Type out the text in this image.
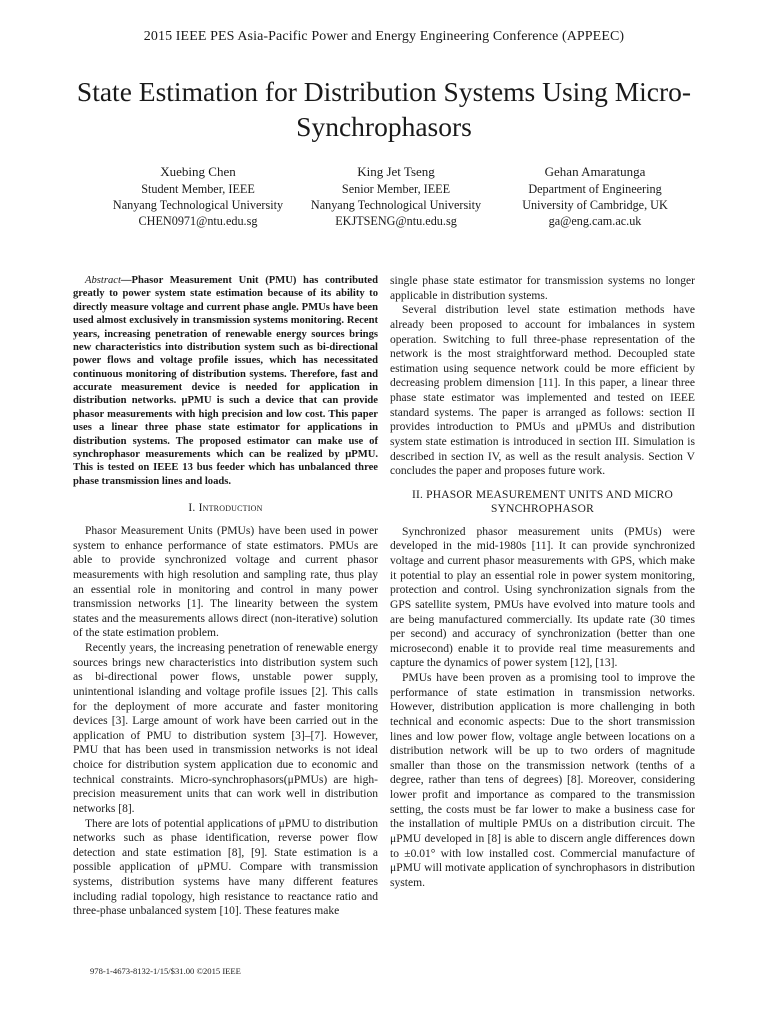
2015 IEEE PES Asia-Pacific Power and Energy Engineering Conference (APPEEC)
State Estimation for Distribution Systems Using Micro-Synchrophasors
Xuebing Chen
Student Member, IEEE
Nanyang Technological University
CHEN0971@ntu.edu.sg
King Jet Tseng
Senior Member, IEEE
Nanyang Technological University
EKJTSENG@ntu.edu.sg
Gehan Amaratunga
Department of Engineering
University of Cambridge, UK
ga@eng.cam.ac.uk

Abstract—Phasor Measurement Unit (PMU) has contributed greatly to power system state estimation because of its ability to directly measure voltage and current phase angle. PMUs have been used almost exclusively in transmission systems monitoring. Recent years, increasing penetration of renewable energy sources brings new characteristics into distribution system such as bi-directional power flows and voltage profile issues, which has necessitated continuous monitoring of distribution systems. Therefore, fast and accurate measurement device is needed for application in distribution networks. μPMU is such a device that can provide phasor measurements with high precision and low cost. This paper uses a linear three phase state estimator for applications in distribution systems. The proposed estimator can make use of synchrophasor measurements which can be realized by μPMU. This is tested on IEEE 13 bus feeder which has unbalanced three phase transmission lines and loads.

I. Introduction

Phasor Measurement Units (PMUs) have been used in power system to enhance performance of state estimators. PMUs are able to provide synchronized voltage and current phasor measurements with high resolution and sampling rate, thus play an essential role in monitoring and control in many power transmission networks [1]. The linearity between the system states and the measurements allows direct (non-iterative) solution of the state estimation problem.

Recently years, the increasing penetration of renewable energy sources brings new characteristics into distribution system such as bi-directional power flows, unstable power supply, unintentional islanding and voltage profile issues [2]. This calls for the deployment of more accurate and faster monitoring devices [3]. Large amount of work have been carried out in the application of PMU to distribution system [3]–[7]. However, PMU that has been used in transmission networks is not ideal choice for distribution system application due to economic and technical constraints. Micro-synchrophasors(μPMUs) are high-precision measurement units that can work well in distribution networks [8].

There are lots of potential applications of μPMU to distribution networks such as phase identification, reverse power flow detection and state estimation [8], [9]. State estimation is a possible application of μPMU. Compare with transmission systems, distribution systems have many different features including radial topology, high resistance to reactance ratio and three-phase unbalanced system [10]. These features make

single phase state estimator for transmission systems no longer applicable in distribution systems.

Several distribution level state estimation methods have already been proposed to account for imbalances in system operation. Switching to full three-phase representation of the network is the most straightforward method. Decoupled state estimation using sequence network could be more efficient by decreasing problem dimension [11]. In this paper, a linear three phase state estimator was implemented and tested on IEEE standard systems. The paper is arranged as follows: section II provides introduction to PMUs and μPMUs and distribution system state estimation is introduced in section III. Simulation is described in section IV, as well as the result analysis. Section V concludes the paper and proposes future work.

II. PHASOR MEASUREMENT UNITS AND MICRO
SYNCHROPHASOR

Synchronized phasor measurement units (PMUs) were developed in the mid-1980s [11]. It can provide synchronized voltage and current phasor measurements with GPS, which make it potential to play an essential role in power system monitoring, protection and control. Using synchronization signals from the GPS satellite system, PMUs have evolved into mature tools and are being manufactured commercially. Its update rate (30 times per second) and accuracy of synchronization (better than one microsecond) enable it to provide real time measurements and capture the dynamics of power system [12], [13].

PMUs have been proven as a promising tool to improve the performance of state estimation in transmission networks. However, distribution application is more challenging in both technical and economic aspects: Due to the short transmission lines and low power flow, voltage angle between locations on a distribution network will be up to two orders of magnitude smaller than those on the transmission network (tenths of a degree, rather than tens of degrees) [8]. Moreover, considering lower profit and importance as compared to the transmission setting, the costs must be far lower to make a business case for the installation of multiple PMUs on a distribution circuit. The μPMU developed in [8] is able to discern angle differences down to ±0.01° with low installed cost. Commercial manufacture of μPMU will motivate application of synchrophasors in distribution system.

978-1-4673-8132-1/15/$31.00 ©2015 IEEE
